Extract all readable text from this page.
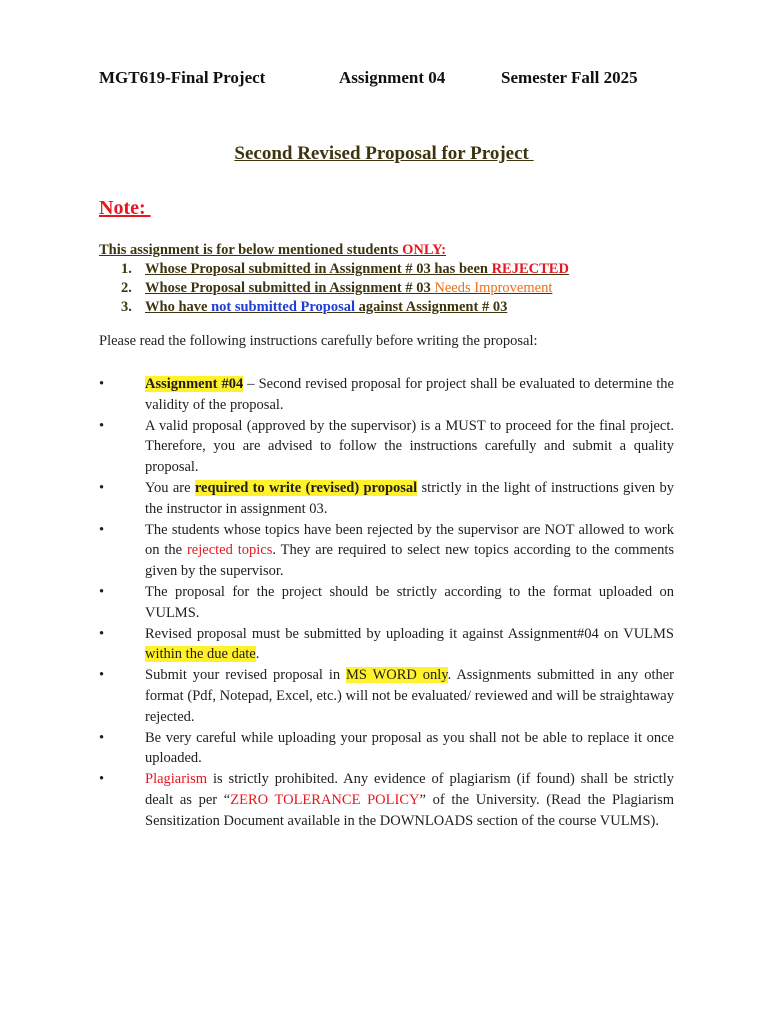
MGT619-Final Project	Assignment 04	Semester Fall 2025
Second Revised Proposal for Project
Note:
This assignment is for below mentioned students ONLY:
1. Whose Proposal submitted in Assignment # 03 has been REJECTED
2. Whose Proposal submitted in Assignment # 03 Needs Improvement
3. Who have not submitted Proposal against Assignment # 03
Please read the following instructions carefully before writing the proposal:
•	Assignment #04 – Second revised proposal for project shall be evaluated to determine the validity of the proposal.
•	A valid proposal (approved by the supervisor) is a MUST to proceed for the final project. Therefore, you are advised to follow the instructions carefully and submit a quality proposal.
•	You are required to write (revised) proposal strictly in the light of instructions given by the instructor in assignment 03.
•	The students whose topics have been rejected by the supervisor are NOT allowed to work on the rejected topics. They are required to select new topics according to the comments given by the supervisor.
•	The proposal for the project should be strictly according to the format uploaded on VULMS.
•	Revised proposal must be submitted by uploading it against Assignment#04 on VULMS within the due date.
•	Submit your revised proposal in MS WORD only. Assignments submitted in any other format (Pdf, Notepad, Excel, etc.) will not be evaluated/ reviewed and will be straightaway rejected.
•	Be very careful while uploading your proposal as you shall not be able to replace it once uploaded.
•	Plagiarism is strictly prohibited. Any evidence of plagiarism (if found) shall be strictly dealt as per “ZERO TOLERANCE POLICY” of the University. (Read the Plagiarism Sensitization Document available in the DOWNLOADS section of the course VULMS).
